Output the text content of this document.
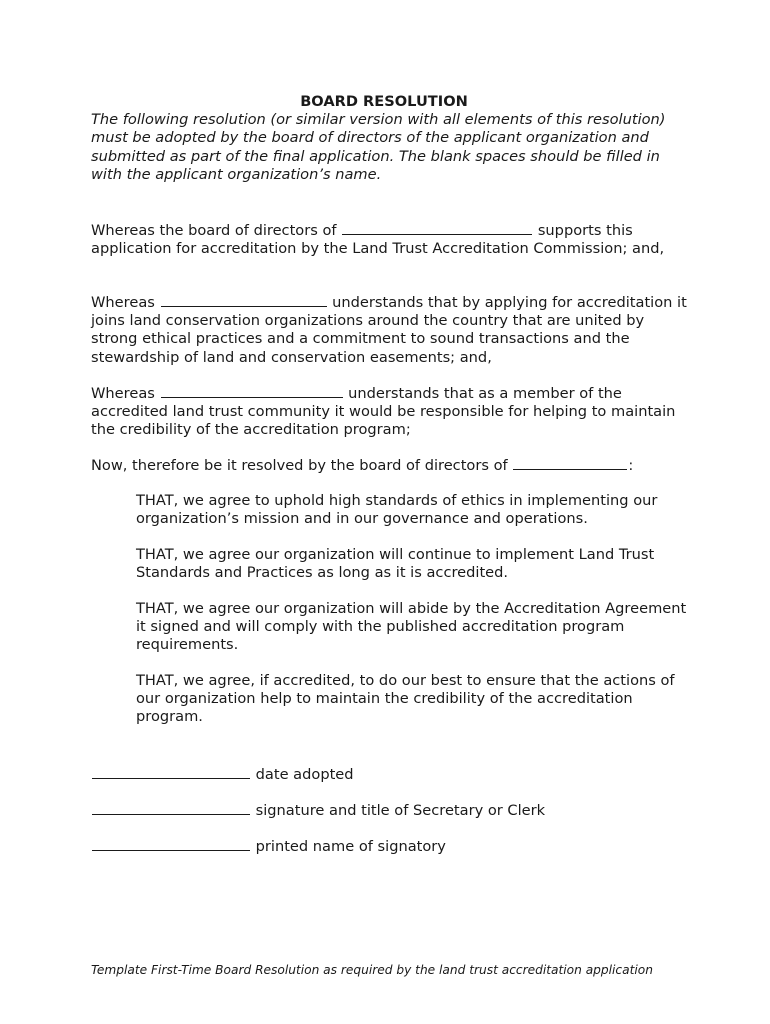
BOARD RESOLUTION

The following resolution (or similar version with all elements of this resolution) must be adopted by the board of directors of the applicant organization and submitted as part of the final application. The blank spaces should be filled in with the applicant organization’s name.

Whereas the board of directors of	supports this application for accreditation by the Land Trust Accreditation Commission; and,

Whereas	understands that by applying for accreditation it joins land conservation organizations around the country that are united by strong ethical practices and a commitment to sound transactions and the stewardship of land and conservation easements; and,

Whereas	understands that as a member of the accredited land trust community it would be responsible for helping to maintain the credibility of the accreditation program;

Now, therefore be it resolved by the board of directors of	:

THAT, we agree to uphold high standards of ethics in implementing our organization’s mission and in our governance and operations.

THAT, we agree our organization will continue to implement Land Trust Standards and Practices as long as it is accredited.

THAT, we agree our organization will abide by the Accreditation Agreement it signed and will comply with the published accreditation program requirements.

THAT, we agree, if accredited, to do our best to ensure that the actions of our organization help to maintain the credibility of the accreditation program.

date adopted

signature and title of Secretary or Clerk

printed name of signatory

Template First-Time Board Resolution as required by the land trust accreditation application
